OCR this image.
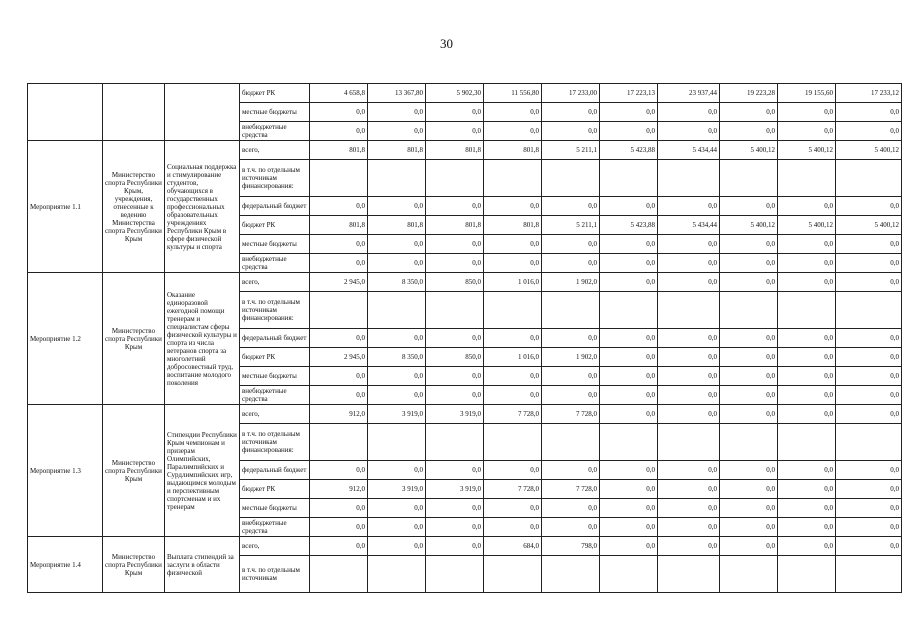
30
			бюджет РК	4 658,8	13 367,80	5 902,30	11 556,80	17 233,00	17 223,13	23 937,44	19 223,28	19 155,60	17 233,12	
			местные бюджеты	0,0	0,0	0,0	0,0	0,0	0,0	0,0	0,0	0,0	0,0	
			внебюджетные средства	0,0	0,0	0,0	0,0	0,0	0,0	0,0	0,0	0,0	0,0	
Мероприятие 1.1	Министерство спорта Республики Крым, учреждения, отнесенные к ведению Министерства спорта Республики Крым	Социальная поддержка и стимулирование студентов, обучающихся в государственных профессиональных образовательных учреждениях Республики Крым в сфере физической культуры и спорта	всего,	801,8	801,8	801,8	801,8	5 211,1	5 423,88	5 434,44	5 400,12	5 400,12	5 400,12	
			в т.ч. по отдельным источникам финансирования:											
			федеральный бюджет	0,0	0,0	0,0	0,0	0,0	0,0	0,0	0,0	0,0	0,0	
			бюджет РК	801,8	801,8	801,8	801,8	5 211,1	5 423,88	5 434,44	5 400,12	5 400,12	5 400,12	
			местные бюджеты	0,0	0,0	0,0	0,0	0,0	0,0	0,0	0,0	0,0	0,0	
			внебюджетные средства	0,0	0,0	0,0	0,0	0,0	0,0	0,0	0,0	0,0	0,0	
Мероприятие 1.2	Министерство спорта Республики Крым	Оказание единоразовой ежегодной помощи тренерам и специалистам сферы физической культуры и спорта из числа ветеранов спорта за многолетний добросовестный труд, воспитание молодого поколения	всего,	2 945,0	8 350,0	850,0	1 016,0	1 902,0	0,0	0,0	0,0	0,0	0,0	
			в т.ч. по отдельным источникам финансирования:											
			федеральный бюджет	0,0	0,0	0,0	0,0	0,0	0,0	0,0	0,0	0,0	0,0	
			бюджет РК	2 945,0	8 350,0	850,0	1 016,0	1 902,0	0,0	0,0	0,0	0,0	0,0	
			местные бюджеты	0,0	0,0	0,0	0,0	0,0	0,0	0,0	0,0	0,0	0,0	
			внебюджетные средства	0,0	0,0	0,0	0,0	0,0	0,0	0,0	0,0	0,0	0,0	
Мероприятие 1.3	Министерство спорта Республики Крым	Стипендии Республики Крым чемпионам и призерам Олимпийских, Паралимпийских и Сурдлимпийских игр, выдающимся молодым и перспективным спортсменам и их тренерам	всего,	912,0	3 919,0	3 919,0	7 728,0	7 728,0	0,0	0,0	0,0	0,0	0,0	
			в т.ч. по отдельным источникам финансирования:											
			федеральный бюджет	0,0	0,0	0,0	0,0	0,0	0,0	0,0	0,0	0,0	0,0	
			бюджет РК	912,0	3 919,0	3 919,0	7 728,0	7 728,0	0,0	0,0	0,0	0,0	0,0	
			местные бюджеты	0,0	0,0	0,0	0,0	0,0	0,0	0,0	0,0	0,0	0,0	
			внебюджетные средства	0,0	0,0	0,0	0,0	0,0	0,0	0,0	0,0	0,0	0,0	
Мероприятие 1.4	Министерство спорта Республики Крым	Выплата стипендий за заслуги в области физической	всего,	0,0	0,0	0,0	684,0	798,0	0,0	0,0	0,0	0,0	0,0	
			в т.ч. по отдельным источникам											
